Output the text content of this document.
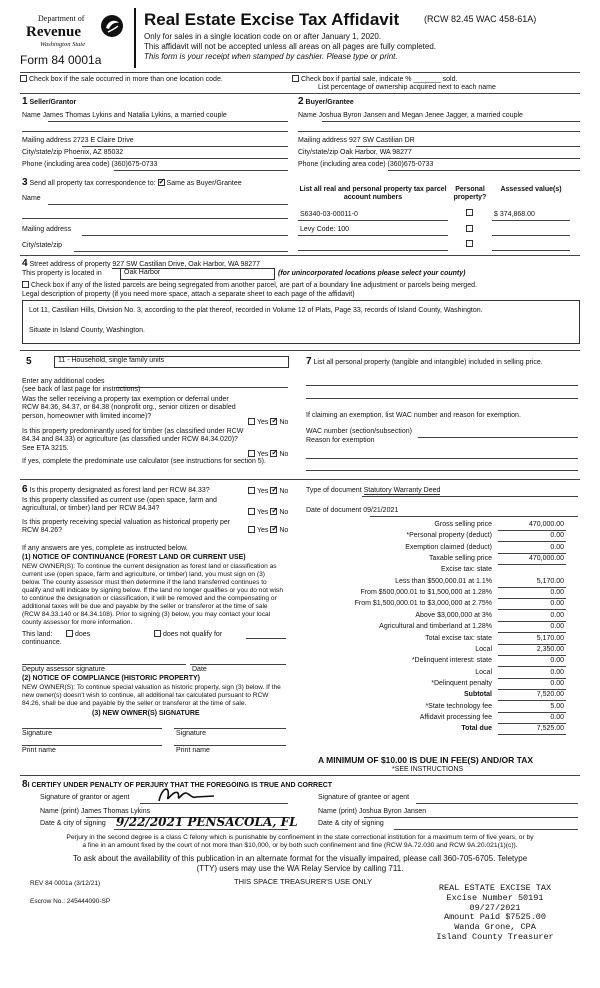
Department of
Revenue
Washington State
Form 84 0001a
Real Estate Excise Tax Affidavit	(RCW 82.45 WAC 458-61A)
Only for sales in a single location code on or after January 1, 2020.
This affidavit will not be accepted unless all areas on all pages are fully completed.
This form is your receipt when stamped by cashier. Please type or print.
Check box if the sale occurred in more than one location code.	Check box if partial sale, indicate % _______ sold.
List percentage of ownership acquired next to each name
1 Seller/Grantor
Name James Thomas Lykins and Natalia Lykins, a married couple
Mailing address 2723 E Claire Drive
City/state/zip Phoenix, AZ 85032
Phone (including area code) (360)675-0733
2 Buyer/Grantee
Name Joshua Byron Jansen and Megan Jenee Jagger, a married couple
Mailing address 927 SW Castilian DR
City/state/zip Oak Harbor, WA 98277
Phone (including area code) (360)675-0733
3 Send all property tax correspondence to: ✓ Same as Buyer/Grantee
Name
Mailing address
City/state/zip
List all real and personal property tax parcel account numbers
Personal property?
Assessed value(s)
S6340-03-00011-0	$ 374,868.00
Levy Code: 100
4 Street address of property 927 SW Castilian Drive, Oak Harbor, WA 98277
This property is located in	Oak Harbor	(for unincorporated locations please select your county)
Check box if any of the listed parcels are being segregated from another parcel, are part of a boundary line adjustment or parcels being merged.
Legal description of property (if you need more space, attach a separate sheet to each page of the affidavit)
Lot 11, Castilian Hills, Division No. 3, according to the plat thereof, recorded in Volume 12 of Plats, Page 33, records of Island County, Washington.
Situate in Island County, Washington.
5	11 - Household, single family units
Enter any additional codes
(see back of last page for instructions)
Was the seller receiving a property tax exemption or deferral under RCW 84.36, 84.37, or 84.38 (nonprofit org., senior citizen or disabled person, homeowner with limited income)?
Yes ✓ No
Is this property predominantly used for timber (as classified under RCW 84.34 and 84.33) or agriculture (as classified under RCW 84.34.020)? See ETA 3215.
Yes ✓ No
If yes, complete the predominate use calculator (see instructions for section 5).
7 List all personal property (tangible and intangible) included in selling price.
If claiming an exemption, list WAC number and reason for exemption.
WAC number (section/subsection)
Reason for exemption
6 Is this property designated as forest land per RCW 84.33?	Yes ✓ No
Is this property classified as current use (open space, farm and agricultural, or timber) land per RCW 84.34?
Yes ✓ No
Is this property receiving special valuation as historical property per RCW 84.26?	Yes ✓ No
If any answers are yes, complete as instructed below.
(1) NOTICE OF CONTINUANCE (FOREST LAND OR CURRENT USE)
NEW OWNER(S): To continue the current designation as forest land or classification as current use (open space, farm and agriculture, or timber) land, you must sign on (3) below. The county assessor must then determine if the land transferred continues to qualify and will indicate by signing below. If the land no longer qualifies or you do not wish to continue the designation or classification, it will be removed and the compensating or additional taxes will be due and payable by the seller or transferor at the time of sale (RCW 84.33.140 or 84.34.108). Prior to signing (3) below, you may contact your local county assessor for more information.
This land:	does	does not qualify for
continuance.
Deputy assessor signature	Date
(2) NOTICE OF COMPLIANCE (HISTORIC PROPERTY)
NEW OWNER(S): To continue special valuation as historic property, sign (3) below. If the new owner(s) doesn't wish to continue, all additional tax calculated pursuant to RCW 84.26, shall be due and payable by the seller or transferor at the time of sale.
(3) NEW OWNER(S) SIGNATURE
Signature	Signature
Print name	Print name
Type of document Statutory Warranty Deed
Date of document 09/21/2021
Gross selling price	470,000.00
*Personal property (deduct)	0.00
Exemption claimed (deduct)	0.00
Taxable selling price	470,000.00
Excise tax: state
Less than $500,000.01 at 1.1%	5,170.00
From $500,000.01 to $1,500,000 at 1.28%	0.00
From $1,500,000.01 to $3,000,000 at 2.75%	0.00
Above $3,000,000 at 3%	0.00
Agricultural and timberland at 1.28%	0.00
Total excise tax: state	5,170.00
Local	2,350.00
*Delinquent interest: state	0.00
Local	0.00
*Delinquent penalty	0.00
Subtotal	7,520.00
*State technology fee	5.00
Affidavit processing fee	0.00
Total due	7,525.00
A MINIMUM OF $10.00 IS DUE IN FEE(S) AND/OR TAX
*SEE INSTRUCTIONS
8I CERTIFY UNDER PENALTY OF PERJURY THAT THE FOREGOING IS TRUE AND CORRECT
Signature of grantor or agent
Name (print) James Thomas Lykins
Date & city of signing 9/22/2021 PENSACOLA, FL
Signature of grantee or agent
Name (print) Joshua Byron Jansen
Date & city of signing
Perjury in the second degree is a class C felony which is punishable by confinement in the state correctional institution for a maximum term of five years, or by
a fine in an amount fixed by the court of not more than $10,000, or by both such confinement and fine (RCW 9A.72.030 and RCW 9A.20.021(1)(c)).
To ask about the availability of this publication in an alternate format for the visually impaired, please call 360-705-6705. Teletype
(TTY) users may use the WA Relay Service by calling 711.
REV 84 0001a (3/12/21)	THIS SPACE TREASURER'S USE ONLY
Escrow No.: 245444090-SP
REAL ESTATE EXCISE TAX
Excise Number 50191
09/27/2021
Amount Paid $7525.00
Wanda Grone, CPA
Island County Treasurer
